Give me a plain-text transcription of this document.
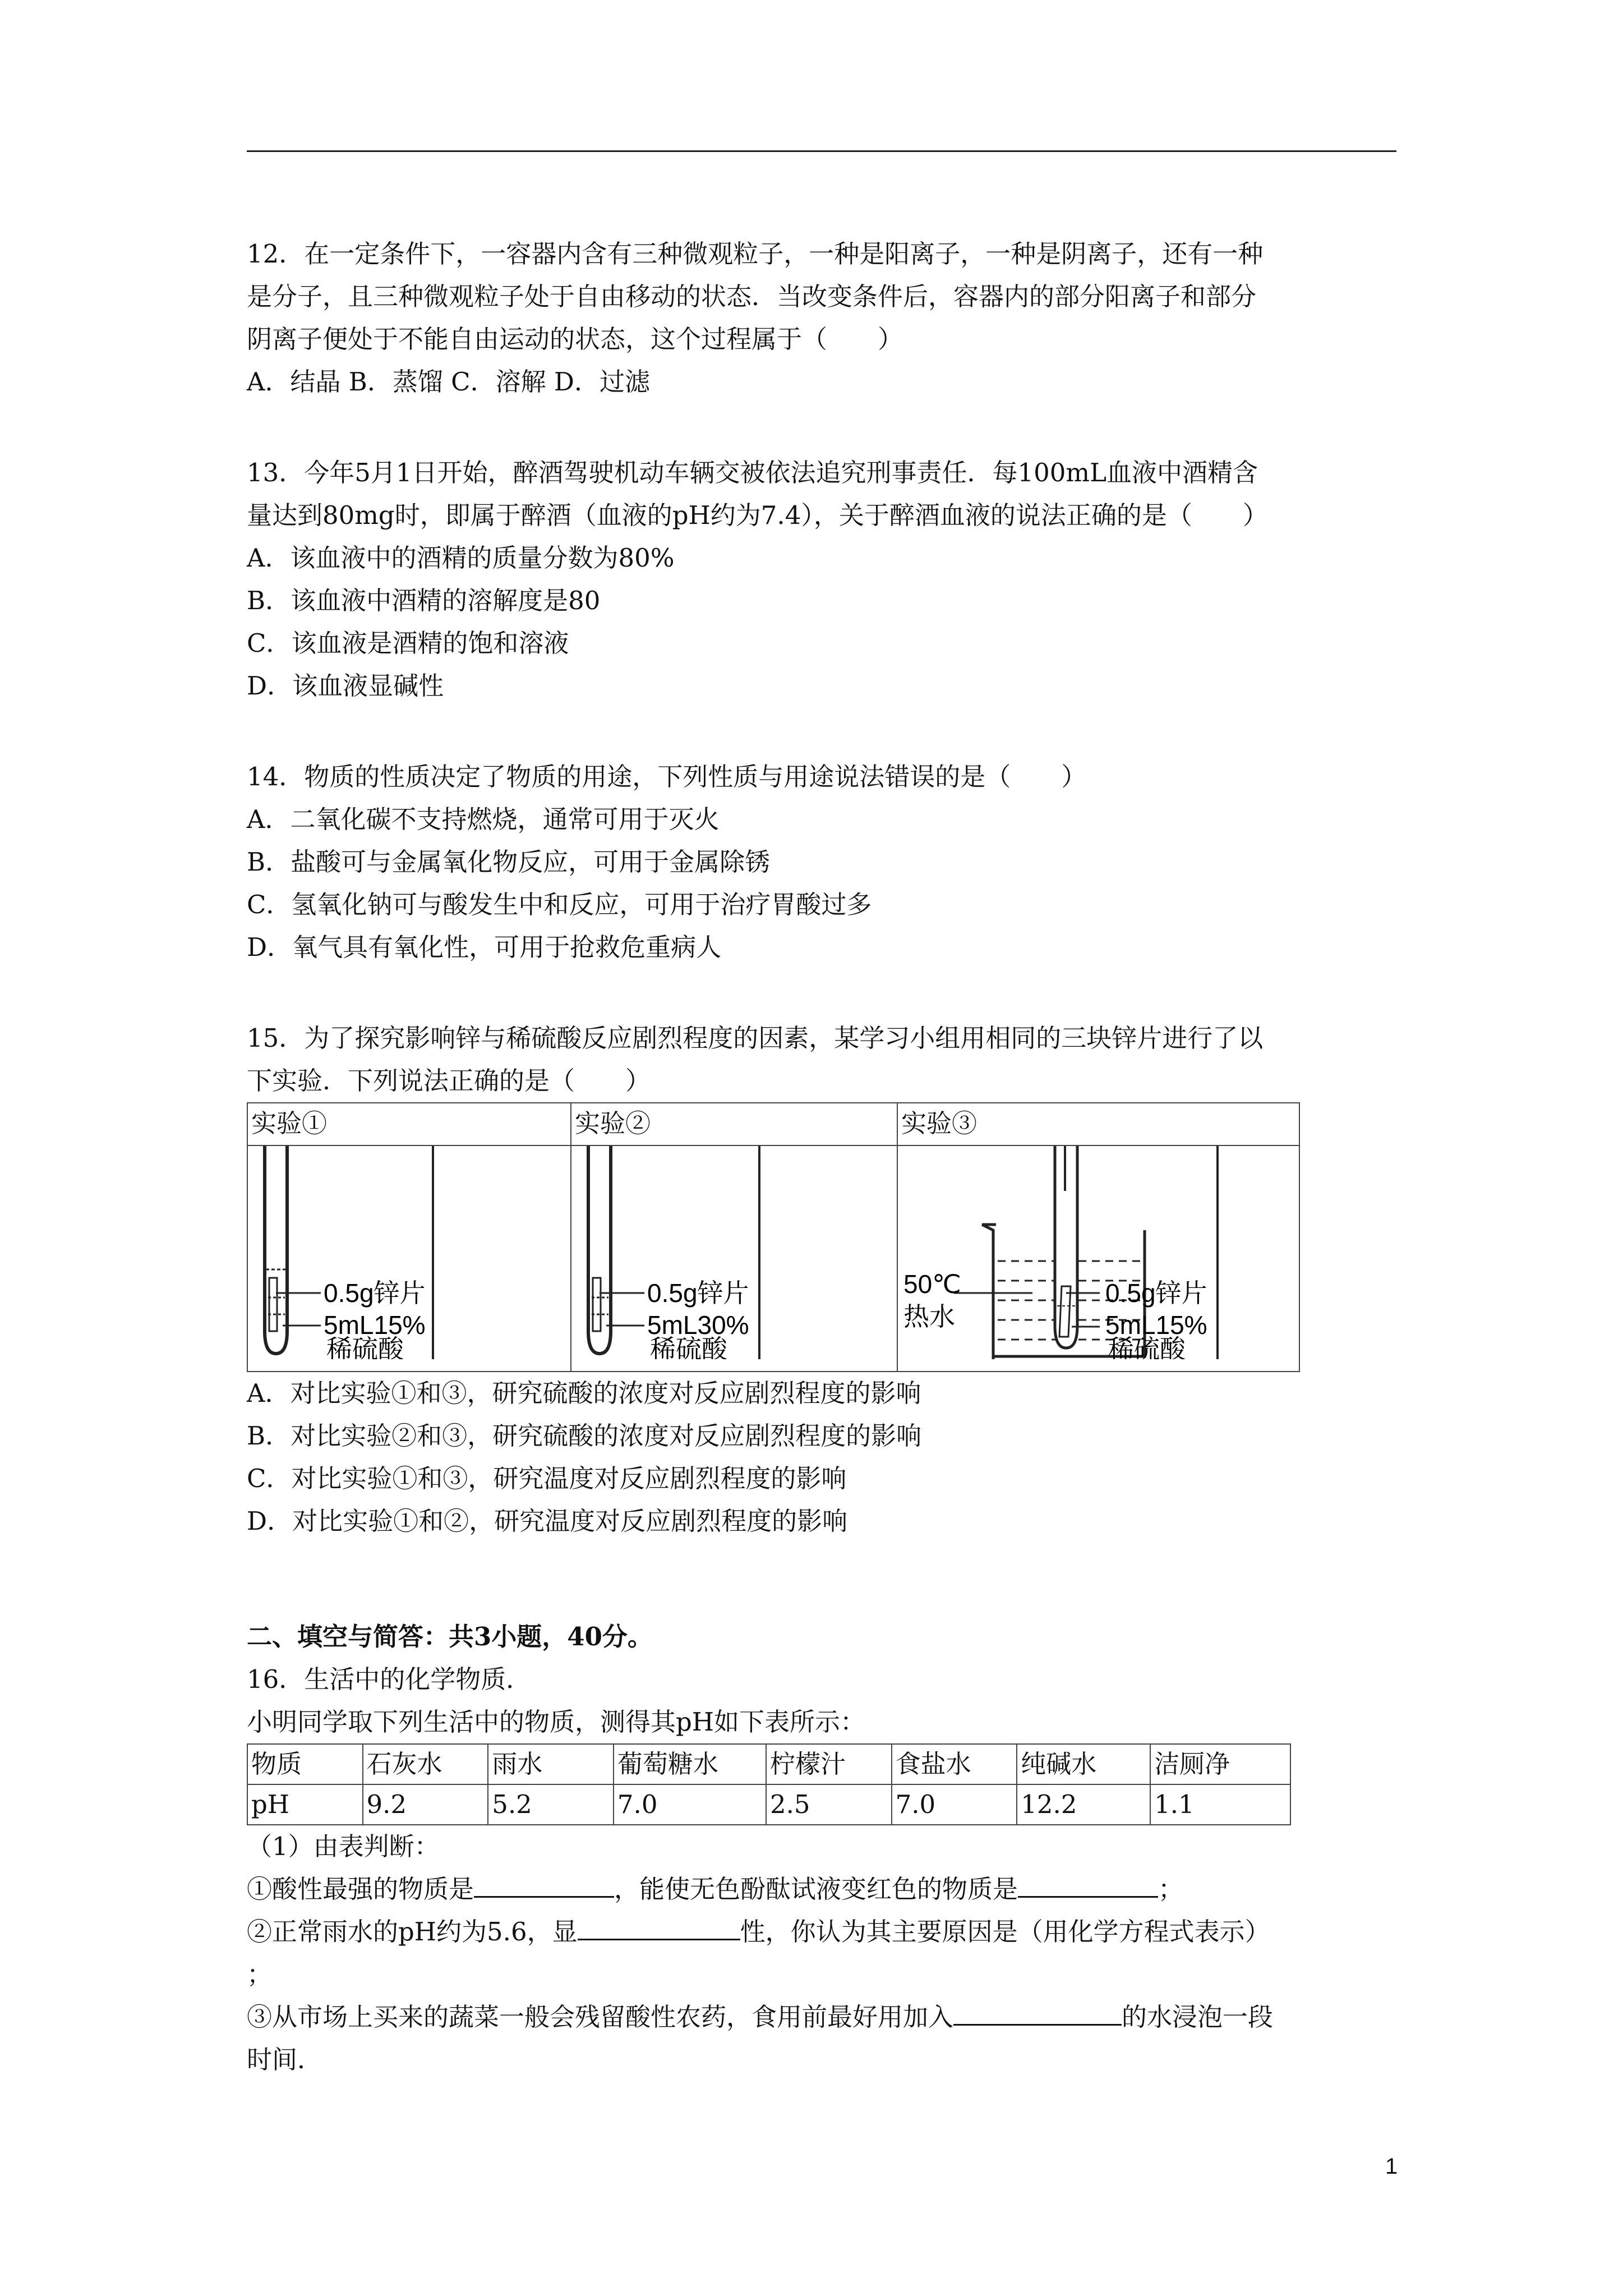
12．在一定条件下，一容器内含有三种微观粒子，一种是阳离子，一种是阴离子，还有一种

是分子，且三种微观粒子处于自由移动的状态．当改变条件后，容器内的部分阳离子和部分

阴离子便处于不能自由运动的状态，这个过程属于（　　）

A．结晶 B．蒸馏 C．溶解 D．过滤

13．今年5月1日开始，醉酒驾驶机动车辆交被依法追究刑事责任．每100mL血液中酒精含

量达到80mg时，即属于醉酒（血液的pH约为7.4），关于醉酒血液的说法正确的是（　　）

A．该血液中的酒精的质量分数为80%

B．该血液中酒精的溶解度是80

C．该血液是酒精的饱和溶液

D．该血液显碱性

14．物质的性质决定了物质的用途，下列性质与用途说法错误的是（　　）

A．二氧化碳不支持燃烧，通常可用于灭火

B．盐酸可与金属氧化物反应，可用于金属除锈

C．氢氧化钠可与酸发生中和反应，可用于治疗胃酸过多

D．氧气具有氧化性，可用于抢救危重病人

15．为了探究影响锌与稀硫酸反应剧烈程度的因素，某学习小组用相同的三块锌片进行了以

下实验．下列说法正确的是（　　）

实验①	实验②	实验③

0.5g锌片
5mL15%
稀硫酸	0.5g锌片
5mL30%
稀硫酸	50℃
热水
0.5g锌片
5mL15%
稀硫酸

A．对比实验①和③，研究硫酸的浓度对反应剧烈程度的影响

B．对比实验②和③，研究硫酸的浓度对反应剧烈程度的影响

C．对比实验①和③，研究温度对反应剧烈程度的影响

D．对比实验①和②，研究温度对反应剧烈程度的影响

二、填空与简答：共3小题，40分。

16．生活中的化学物质．

小明同学取下列生活中的物质，测得其pH如下表所示：

物质	石灰水	雨水	葡萄糖水	柠檬汁	食盐水	纯碱水	洁厕净
pH	9.2	5.2	7.0	2.5	7.0	12.2	1.1

（1）由表判断：

①酸性最强的物质是	，能使无色酚酞试液变红色的物质是	；

②正常雨水的pH约为5.6，显	性，你认为其主要原因是（用化学方程式表示）

；

③从市场上买来的蔬菜一般会残留酸性农药，食用前最好用加入	的水浸泡一段

时间．

1
